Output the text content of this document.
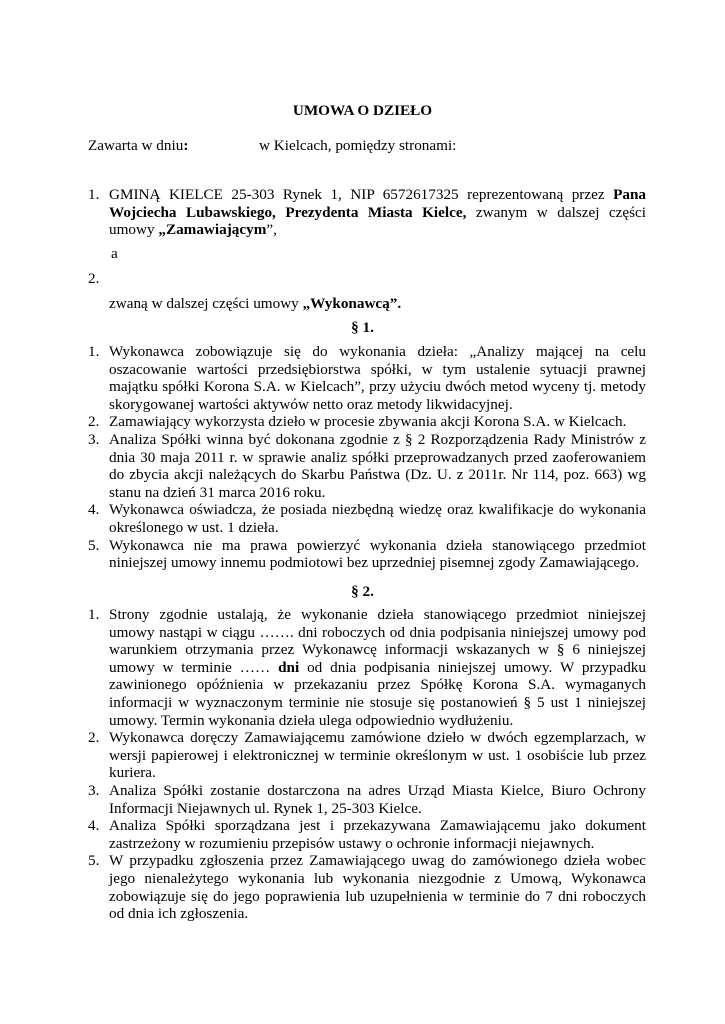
UMOWA O DZIEŁO
Zawarta w dniu:	w Kielcach, pomiędzy stronami:
1. GMINĄ KIELCE 25-303 Rynek 1, NIP 6572617325 reprezentowaną przez Pana Wojciecha Lubawskiego, Prezydenta Miasta Kielce, zwanym w dalszej części umowy „Zamawiającym”,
a
2.
zwaną w dalszej części umowy „Wykonawcą”.
§ 1.
1. Wykonawca zobowiązuje się do wykonania dzieła: „Analizy mającej na celu oszacowanie wartości przedsiębiorstwa spółki, w tym ustalenie sytuacji prawnej majątku spółki Korona S.A. w Kielcach”, przy użyciu dwóch metod wyceny tj. metody skorygowanej wartości aktywów netto oraz metody likwidacyjnej.
2. Zamawiający wykorzysta dzieło w procesie zbywania akcji Korona S.A. w Kielcach.
3. Analiza Spółki winna być dokonana zgodnie z § 2 Rozporządzenia Rady Ministrów z dnia 30 maja 2011 r. w sprawie analiz spółki przeprowadzanych przed zaoferowaniem do zbycia akcji należących do Skarbu Państwa (Dz. U. z 2011r. Nr 114, poz. 663) wg stanu na dzień 31 marca 2016 roku.
4. Wykonawca oświadcza, że posiada niezbędną wiedzę oraz kwalifikacje do wykonania określonego w ust. 1 dzieła.
5. Wykonawca nie ma prawa powierzyć wykonania dzieła stanowiącego przedmiot niniejszej umowy innemu podmiotowi bez uprzedniej pisemnej zgody Zamawiającego.
§ 2.
1. Strony zgodnie ustalają, że wykonanie dzieła stanowiącego przedmiot niniejszej umowy nastąpi w ciągu ……. dni roboczych od dnia podpisania niniejszej umowy pod warunkiem otrzymania przez Wykonawcę informacji wskazanych w § 6 niniejszej umowy w terminie …… dni od dnia podpisania niniejszej umowy. W przypadku zawinionego opóźnienia w przekazaniu przez Spółkę Korona S.A. wymaganych informacji w wyznaczonym terminie nie stosuje się postanowień § 5 ust 1 niniejszej umowy. Termin wykonania dzieła ulega odpowiednio wydłużeniu.
2. Wykonawca doręczy Zamawiającemu zamówione dzieło w dwóch egzemplarzach, w wersji papierowej i elektronicznej w terminie określonym w ust. 1 osobiście lub przez kuriera.
3. Analiza Spółki zostanie dostarczona na adres Urząd Miasta Kielce, Biuro Ochrony Informacji Niejawnych ul. Rynek 1, 25-303 Kielce.
4. Analiza Spółki sporządzana jest i przekazywana Zamawiającemu jako dokument zastrzeżony w rozumieniu przepisów ustawy o ochronie informacji niejawnych.
5. W przypadku zgłoszenia przez Zamawiającego uwag do zamówionego dzieła wobec jego nienależytego wykonania lub wykonania niezgodnie z Umową, Wykonawca zobowiązuje się do jego poprawienia lub uzupełnienia w terminie do 7 dni roboczych od dnia ich zgłoszenia.
